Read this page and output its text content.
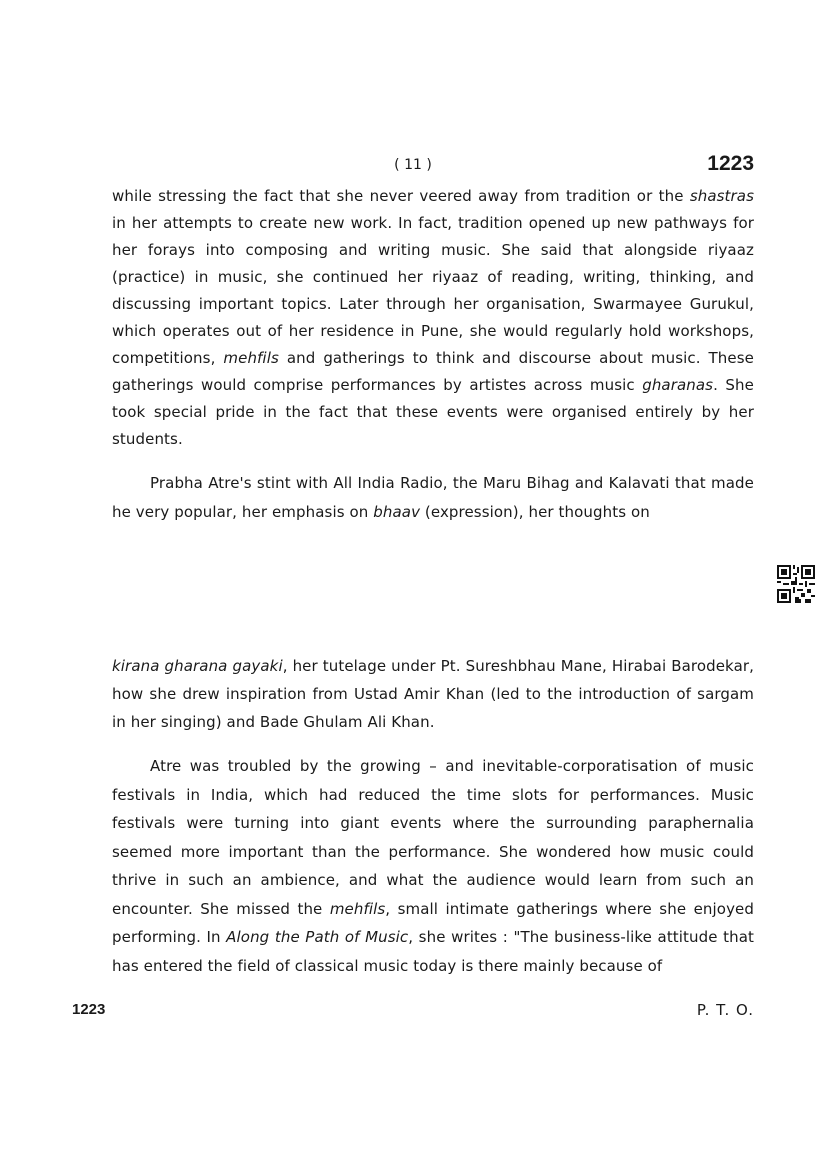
( 11 )	1223

while stressing the fact that she never veered away from tradition or the shastras in her attempts to create new work. In fact, tradition opened up new pathways for her forays into composing and writing music. She said that alongside riyaaz (practice) in music, she continued her riyaaz of reading, writing, thinking, and discussing important topics. Later through her organisation, Swarmayee Gurukul, which operates out of her residence in Pune, she would regularly hold workshops, competitions, mehfils and gatherings to think and discourse about music. These gatherings would comprise performances by artistes across music gharanas. She took special pride in the fact that these events were organised entirely by her students.

Prabha Atre's stint with All India Radio, the Maru Bihag and Kalavati that made he very popular, her emphasis on bhaav (expression), her thoughts on

kirana gharana gayaki, her tutelage under Pt. Sureshbhau Mane, Hirabai Barodekar, how she drew inspiration from Ustad Amir Khan (led to the introduction of sargam in her singing) and Bade Ghulam Ali Khan.

Atre was troubled by the growing – and inevitable-corporatisation of music festivals in India, which had reduced the time slots for performances. Music festivals were turning into giant events where the surrounding paraphernalia seemed more important than the performance. She wondered how music could thrive in such an ambience, and what the audience would learn from such an encounter. She missed the mehfils, small intimate gatherings where she enjoyed performing. In Along the Path of Music, she writes : "The business-like attitude that has entered the field of classical music today is there mainly because of

1223	P. T. O.
